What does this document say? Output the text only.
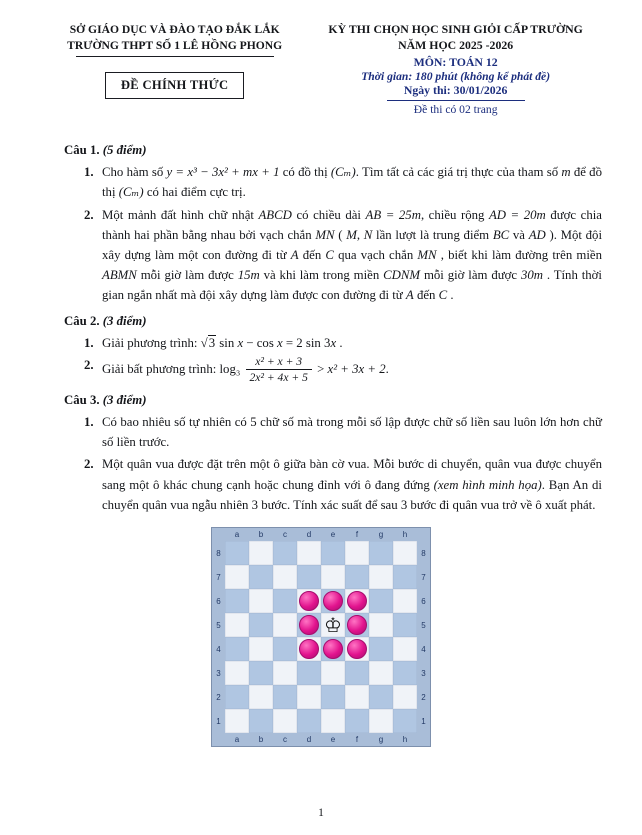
SỞ GIÁO DỤC VÀ ĐÀO TẠO ĐẮK LẮK
TRƯỜNG THPT SỐ 1 LÊ HỒNG PHONG
ĐỀ CHÍNH THỨC
KỲ THI CHỌN HỌC SINH GIỎI CẤP TRƯỜNG
NĂM HỌC 2025 -2026
MÔN: TOÁN 12
Thời gian: 180 phút (không kể phát đề)
Ngày thi: 30/01/2026
Đề thi có 02 trang
Câu 1. (5 điểm)
1. Cho hàm số y = x³ − 3x² + mx + 1 có đồ thị (Cₘ). Tìm tất cả các giá trị thực của tham số m để đồ thị (Cₘ) có hai điểm cực trị.
2. Một mảnh đất hình chữ nhật ABCD có chiều dài AB = 25m, chiều rộng AD = 20m được chia thành hai phần bằng nhau bởi vạch chắn MN ( M, N lần lượt là trung điểm BC và AD ). Một đội xây dựng làm một con đường đi từ A đến C qua vạch chắn MN , biết khi làm đường trên miền ABMN mỗi giờ làm được 15m và khi làm trong miền CDNM mỗi giờ làm được 30m . Tính thời gian ngắn nhất mà đội xây dựng làm được con đường đi từ A đến C .
Câu 2. (3 điểm)
1. Giải phương trình: √3 sin x − cos x = 2 sin 3x .
2. Giải bất phương trình: $\log_3 \frac{\text{x² + x + 3}}{\text{2x² + 4x + 5}} > x^2 + 3x + 2$.
Câu 3. (3 điểm)
1. Có bao nhiêu số tự nhiên có 5 chữ số mà trong mỗi số lập được chữ số liền sau luôn lớn hơn chữ số liền trước.
2. Một quân vua được đặt trên một ô giữa bàn cờ vua. Mỗi bước di chuyển, quân vua được chuyển sang một ô khác chung cạnh hoặc chung đỉnh với ô đang đứng (xem hình minh họa). Bạn An di chuyển quân vua ngẫu nhiên 3 bước. Tính xác suất để sau 3 bước đi quân vua trở về ô xuất phát.
a	b	c	d	e	f	g	h
8	8
7	7
6	6
5	♔	5
4	4
3	3
2	2
1	1
a	b	c	d	e	f	g	h
1
